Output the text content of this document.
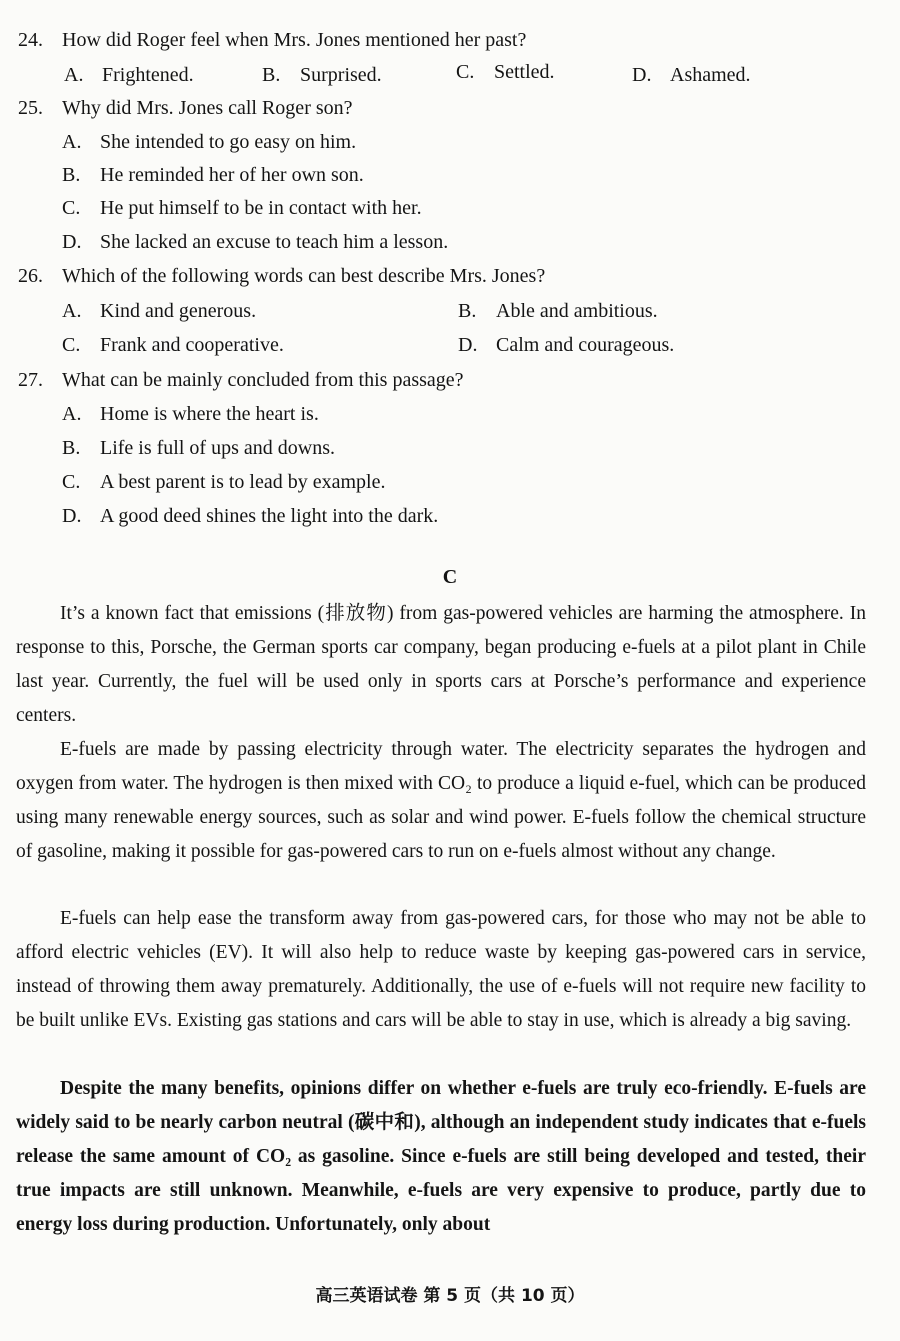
24. How did Roger feel when Mrs. Jones mentioned her past?
A. Frightened.	B. Surprised.	C. Settled.	D. Ashamed.
25. Why did Mrs. Jones call Roger son?
A. She intended to go easy on him.
B. He reminded her of her own son.
C. He put himself to be in contact with her.
D. She lacked an excuse to teach him a lesson.
26. Which of the following words can best describe Mrs. Jones?
A. Kind and generous.	B. Able and ambitious.
C. Frank and cooperative.	D. Calm and courageous.
27. What can be mainly concluded from this passage?
A. Home is where the heart is.
B. Life is full of ups and downs.
C. A best parent is to lead by example.
D. A good deed shines the light into the dark.
C

It’s a known fact that emissions (排放物) from gas-powered vehicles are harming the atmosphere. In response to this, Porsche, the German sports car company, began producing e-fuels at a pilot plant in Chile last year. Currently, the fuel will be used only in sports cars at Porsche’s performance and experience centers.

E-fuels are made by passing electricity through water. The electricity separates the hydrogen and oxygen from water. The hydrogen is then mixed with CO₂ to produce a liquid e-fuel, which can be produced using many renewable energy sources, such as solar and wind power. E-fuels follow the chemical structure of gasoline, making it possible for gas-powered cars to run on e-fuels almost without any change.

E-fuels can help ease the transform away from gas-powered cars, for those who may not be able to afford electric vehicles (EV). It will also help to reduce waste by keeping gas-powered cars in service, instead of throwing them away prematurely. Additionally, the use of e-fuels will not require new facility to be built unlike EVs. Existing gas stations and cars will be able to stay in use, which is already a big saving.

Despite the many benefits, opinions differ on whether e-fuels are truly eco-friendly. E-fuels are widely said to be nearly carbon neutral (碳中和), although an independent study indicates that e-fuels release the same amount of CO₂ as gasoline. Since e-fuels are still being developed and tested, their true impacts are still unknown. Meanwhile, e-fuels are very expensive to produce, partly due to energy loss during production. Unfortunately, only about

高三英语试卷 第 5 页（共 10 页）
